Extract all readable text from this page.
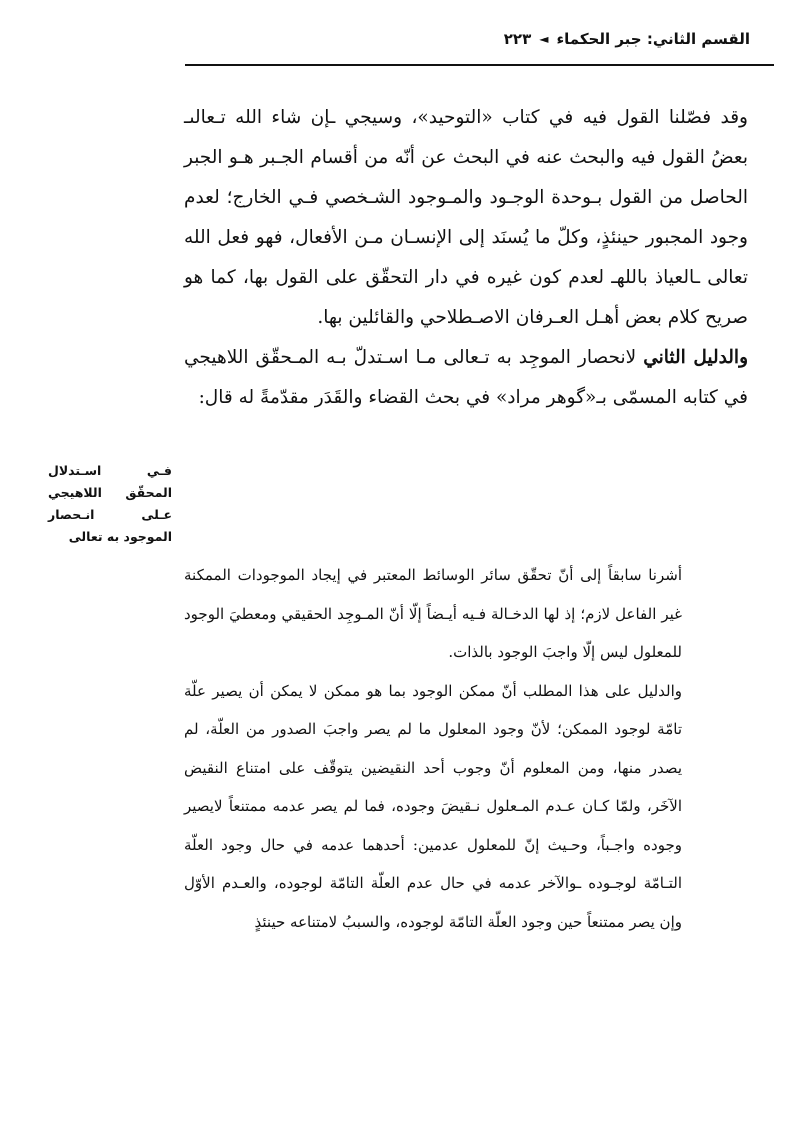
القسم الثاني: جبر الحكماء
◄
٢٢٣

وقد فصّلنا القول فيه في كتاب «التوحيد»، وسيجي ـإن شاء الله تـعالىـ بعضُ القول فيه والبحث عنه في البحث عن أنّه من أقسام الجـبر هـو الجبر الحاصل من القول بـوحدة الوجـود والمـوجود الشـخصي فـي الخارج؛ لعدم وجود المجبور حينئذٍ، وكلّ ما يُسنَد إلى الإنسـان مـن الأفعال، فهو فعل الله تعالى ـالعياذ باللهـ لعدم كون غيره في دار التحقّق على القول بها، كما هو صريح كلام بعض أهـل العـرفان الاصـطلاحي والقائلين بها.

والدليل الثاني لانحصار الموجِد به تـعالى مـا اسـتدلّ بـه المـحقّق اللاهيجي في كتابه المسمّى بـ«گوهر مراد» في بحث القضاء والقَدَر مقدّمةً له قال:

فـي اسـتدلال المحقّق اللاهيجي عـلى انـحصار الموجود به تعالى

أشرنا سابقاً إلى أنّ تحقّق سائر الوسائط المعتبر في إيجاد الموجودات الممكنة غير الفاعل لازم؛ إذ لها الدخـالة فـيه أيـضاً إلّا أنّ المـوجِد الحقيقي ومعطيَ الوجود للمعلول ليس إلّا واجبَ الوجود بالذات.

والدليل على هذا المطلب أنّ ممكن الوجود بما هو ممكن لا يمكن أن يصير علّة تامّة لوجود الممكن؛ لأنّ وجود المعلول ما لم يصر واجبَ الصدور من العلّة، لم يصدر منها، ومن المعلوم أنّ وجوب أحد النقيضين يتوقّف على امتناع النقيض الآخَر، ولمّا كـان عـدم المـعلول نـقيضَ وجوده، فما لم يصر عدمه ممتنعاً لايصير وجوده واجـباً، وحـيث إنّ للمعلول عدمين: أحدهما عدمه في حال وجود العلّة التـامّة لوجـوده ـوالآخر عدمه في حال عدم العلّة التامّة لوجوده، والعـدم الأوّل وإن يصر ممتنعاً حين وجود العلّة التامّة لوجوده، والسببُ لامتناعه حينئذٍ
